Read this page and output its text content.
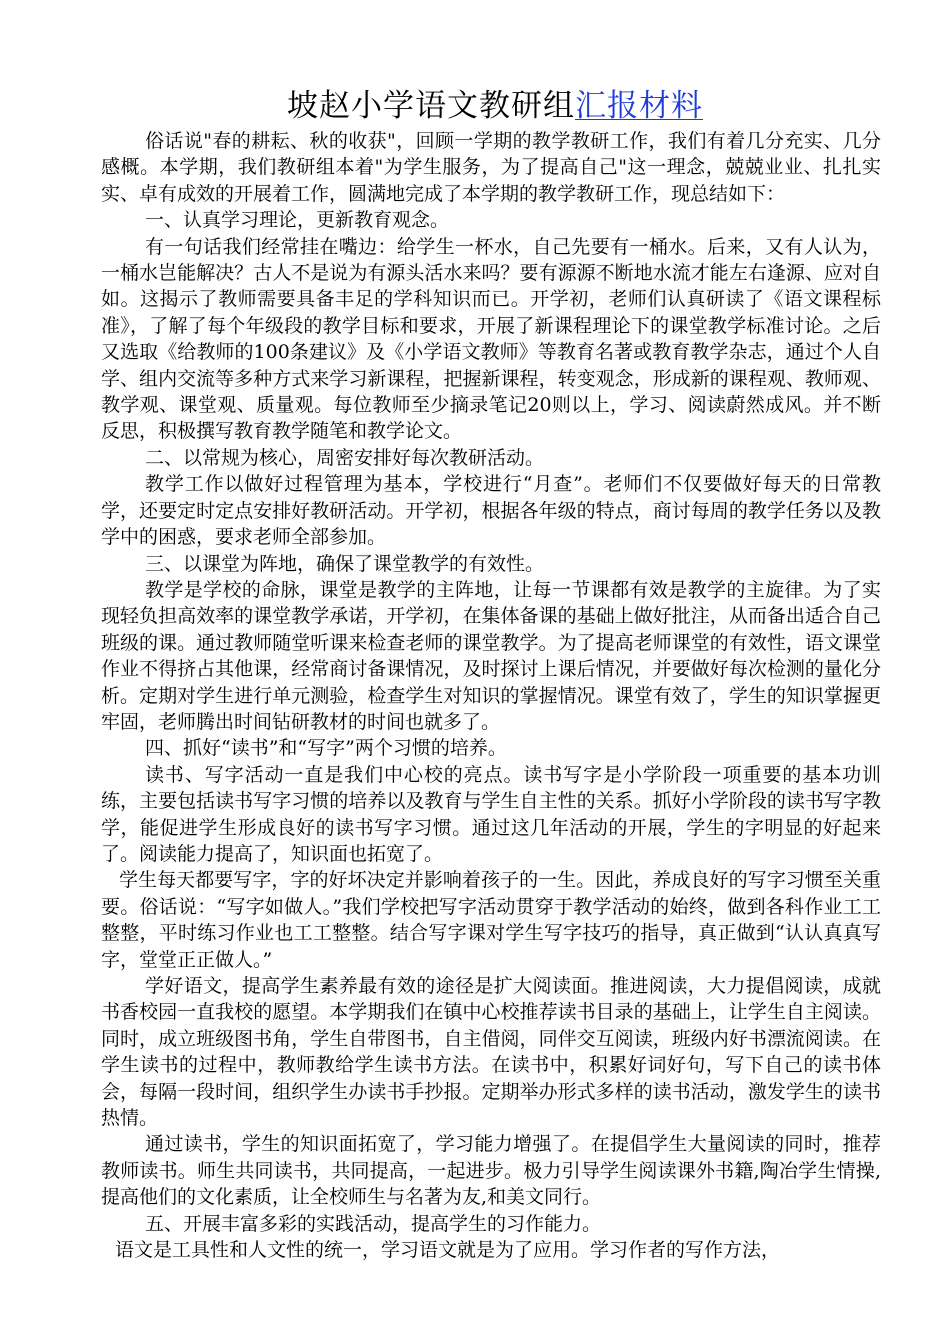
坡赵小学语文教研组汇报材料

俗话说"春的耕耘、秋的收获"，回顾一学期的教学教研工作，我们有着几分充实、几分感概。本学期，我们教研组本着"为学生服务，为了提高自己"这一理念，兢兢业业、扎扎实实、卓有成效的开展着工作，圆满地完成了本学期的教学教研工作，现总结如下：

一、认真学习理论，更新教育观念。

有一句话我们经常挂在嘴边：给学生一杯水，自己先要有一桶水。后来，又有人认为，一桶水岂能解决？古人不是说为有源头活水来吗？要有源源不断地水流才能左右逢源、应对自如。这揭示了教师需要具备丰足的学科知识而已。开学初，老师们认真研读了《语文课程标准》，了解了每个年级段的教学目标和要求，开展了新课程理论下的课堂教学标准讨论。之后又选取《给教师的100条建议》及《小学语文教师》等教育名著或教育教学杂志，通过个人自学、组内交流等多种方式来学习新课程，把握新课程，转变观念，形成新的课程观、教师观、教学观、课堂观、质量观。每位教师至少摘录笔记20则以上，学习、阅读蔚然成风。并不断反思，积极撰写教育教学随笔和教学论文。

二、以常规为核心，周密安排好每次教研活动。

教学工作以做好过程管理为基本，学校进行“月查”。老师们不仅要做好每天的日常教学，还要定时定点安排好教研活动。开学初，根据各年级的特点，商讨每周的教学任务以及教学中的困惑，要求老师全部参加。

三、以课堂为阵地，确保了课堂教学的有效性。

教学是学校的命脉，课堂是教学的主阵地，让每一节课都有效是教学的主旋律。为了实现轻负担高效率的课堂教学承诺，开学初，在集体备课的基础上做好批注，从而备出适合自己班级的课。通过教师随堂听课来检查老师的课堂教学。为了提高老师课堂的有效性，语文课堂作业不得挤占其他课，经常商讨备课情况，及时探讨上课后情况，并要做好每次检测的量化分析。定期对学生进行单元测验，检查学生对知识的掌握情况。课堂有效了，学生的知识掌握更牢固，老师腾出时间钻研教材的时间也就多了。

四、抓好“读书”和“写字”两个习惯的培养。

读书、写字活动一直是我们中心校的亮点。读书写字是小学阶段一项重要的基本功训练，主要包括读书写字习惯的培养以及教育与学生自主性的关系。抓好小学阶段的读书写字教学，能促进学生形成良好的读书写字习惯。通过这几年活动的开展，学生的字明显的好起来了。阅读能力提高了，知识面也拓宽了。

学生每天都要写字，字的好坏决定并影响着孩子的一生。因此，养成良好的写字习惯至关重要。俗话说：“写字如做人。”我们学校把写字活动贯穿于教学活动的始终，做到各科作业工工整整，平时练习作业也工工整整。结合写字课对学生写字技巧的指导，真正做到“认认真真写字，堂堂正正做人。”

学好语文，提高学生素养最有效的途径是扩大阅读面。推进阅读，大力提倡阅读，成就书香校园一直我校的愿望。本学期我们在镇中心校推荐读书目录的基础上，让学生自主阅读。同时，成立班级图书角，学生自带图书，自主借阅，同伴交互阅读，班级内好书漂流阅读。在学生读书的过程中，教师教给学生读书方法。在读书中，积累好词好句，写下自己的读书体会，每隔一段时间，组织学生办读书手抄报。定期举办形式多样的读书活动，激发学生的读书热情。

通过读书，学生的知识面拓宽了，学习能力增强了。在提倡学生大量阅读的同时，推荐教师读书。师生共同读书，共同提高，一起进步。极力引导学生阅读课外书籍,陶冶学生情操,提高他们的文化素质，让全校师生与名著为友,和美文同行。

五、开展丰富多彩的实践活动，提高学生的习作能力。

语文是工具性和人文性的统一，学习语文就是为了应用。学习作者的写作方法，
